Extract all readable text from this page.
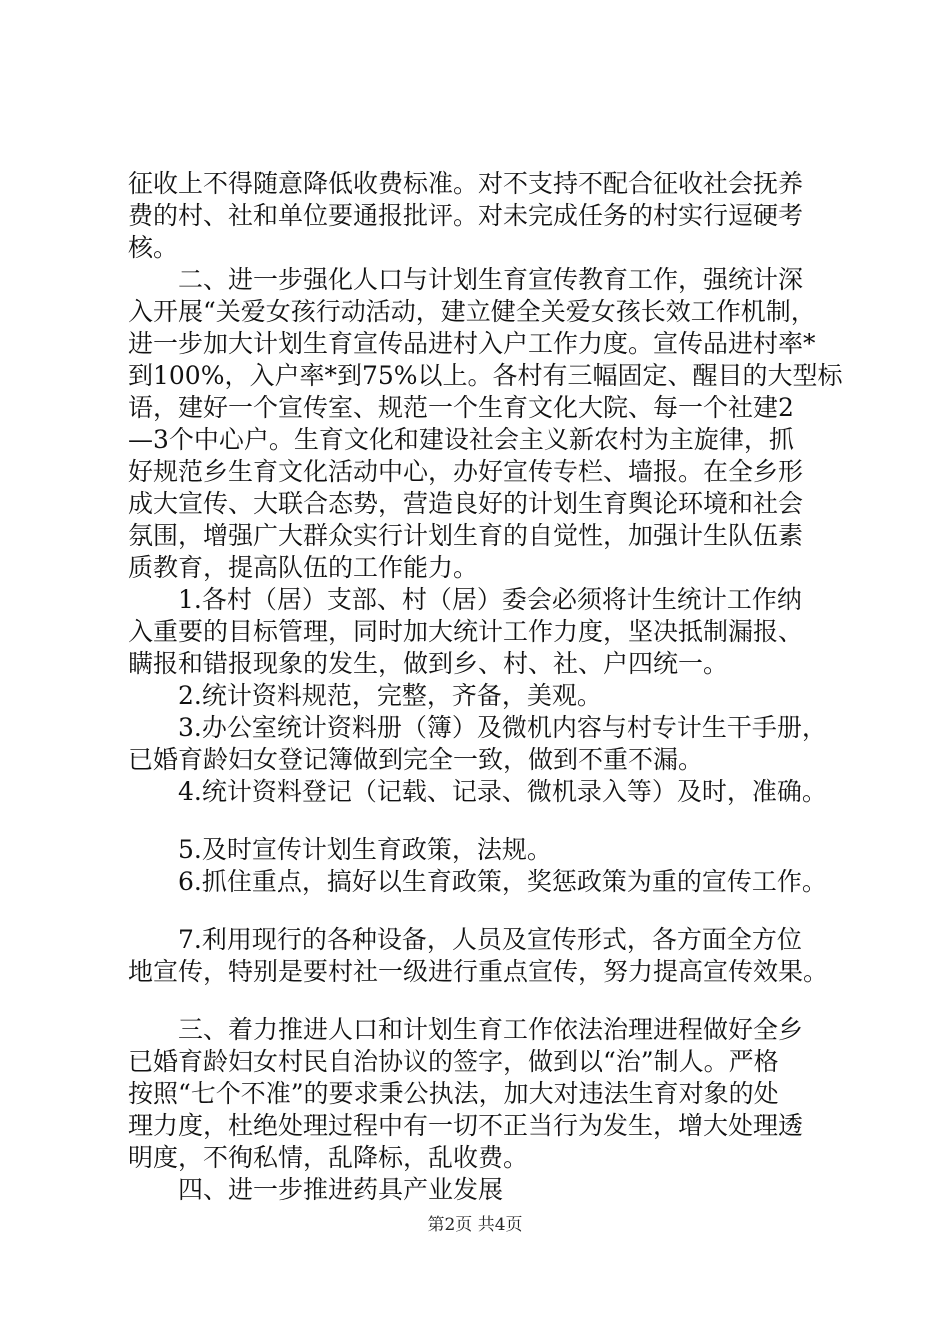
征收上不得随意降低收费标准。对不支持不配合征收社会抚养
费的村、社和单位要通报批评。对未完成任务的村实行逗硬考
核。
二、进一步强化人口与计划生育宣传教育工作，强统计深
入开展“关爱女孩行动活动，建立健全关爱女孩长效工作机制，
进一步加大计划生育宣传品进村入户工作力度。宣传品进村率*
到100%，入户率*到75%以上。各村有三幅固定、醒目的大型标
语，建好一个宣传室、规范一个生育文化大院、每一个社建2
—3个中心户。生育文化和建设社会主义新农村为主旋律，抓
好规范乡生育文化活动中心，办好宣传专栏、墙报。在全乡形
成大宣传、大联合态势，营造良好的计划生育舆论环境和社会
氛围，增强广大群众实行计划生育的自觉性，加强计生队伍素
质教育，提高队伍的工作能力。
1.各村（居）支部、村（居）委会必须将计生统计工作纳
入重要的目标管理，同时加大统计工作力度，坚决抵制漏报、
瞒报和错报现象的发生，做到乡、村、社、户四统一。
2.统计资料规范，完整，齐备，美观。
3.办公室统计资料册（簿）及微机内容与村专计生干手册，
已婚育龄妇女登记簿做到完全一致，做到不重不漏。
4.统计资料登记（记载、记录、微机录入等）及时，准确。
5.及时宣传计划生育政策，法规。
6.抓住重点，搞好以生育政策，奖惩政策为重的宣传工作。
7.利用现行的各种设备，人员及宣传形式，各方面全方位
地宣传，特别是要村社一级进行重点宣传，努力提高宣传效果。
三、着力推进人口和计划生育工作依法治理进程做好全乡
已婚育龄妇女村民自治协议的签字，做到以“治”制人。严格
按照“七个不准”的要求秉公执法，加大对违法生育对象的处
理力度，杜绝处理过程中有一切不正当行为发生，增大处理透
明度，不徇私情，乱降标，乱收费。
四、进一步推进药具产业发展
第2页 共4页
